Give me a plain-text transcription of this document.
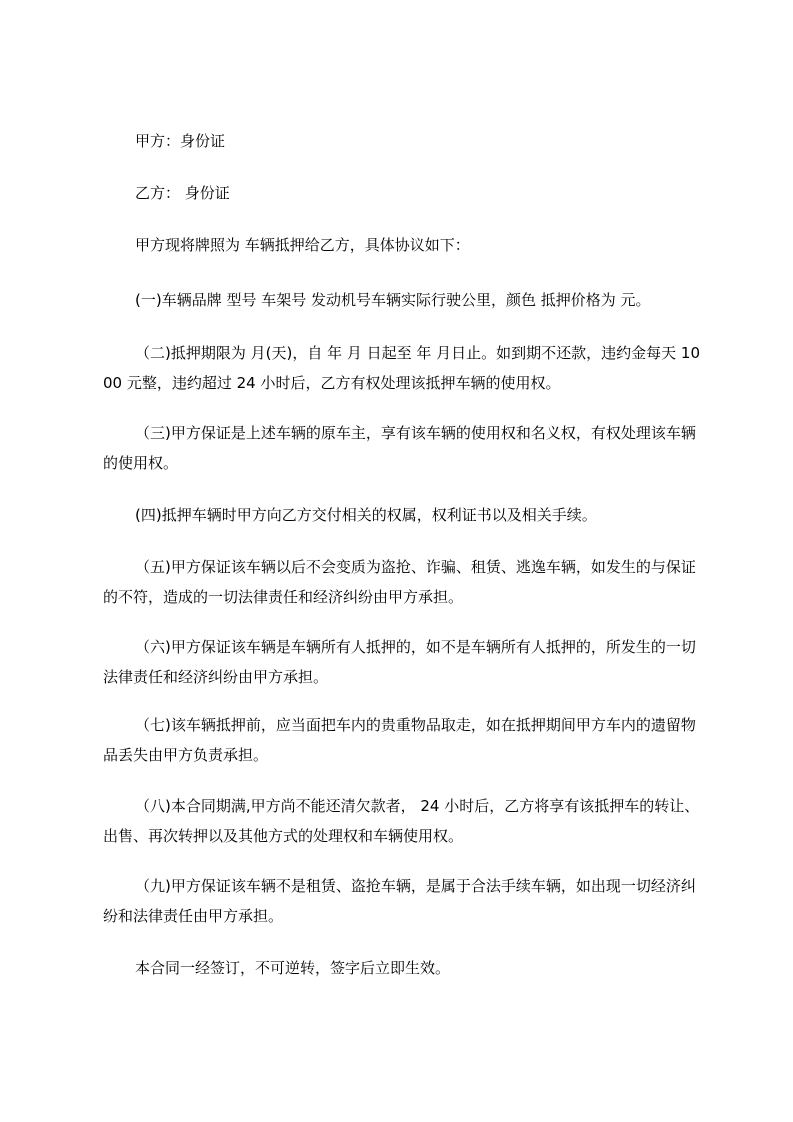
甲方：身份证
乙方： 身份证
甲方现将牌照为 车辆抵押给乙方，具体协议如下：
(一)车辆品牌 型号 车架号 发动机号车辆实际行驶公里，颜色 抵押价格为 元。
（二)抵押期限为 月(天)，自 年 月 日起至 年 月日止。如到期不还款，违约金每天 1000 元整，违约超过 24 小时后，乙方有权处理该抵押车辆的使用权。
（三)甲方保证是上述车辆的原车主，享有该车辆的使用权和名义权，有权处理该车辆的使用权。
(四)抵押车辆时甲方向乙方交付相关的权属，权利证书以及相关手续。
（五)甲方保证该车辆以后不会变质为盗抢、诈骗、租赁、逃逸车辆，如发生的与保证的不符，造成的一切法律责任和经济纠纷由甲方承担。
（六)甲方保证该车辆是车辆所有人抵押的，如不是车辆所有人抵押的，所发生的一切法律责任和经济纠纷由甲方承担。
（七)该车辆抵押前，应当面把车内的贵重物品取走，如在抵押期间甲方车内的遗留物品丢失由甲方负责承担。
（八)本合同期满,甲方尚不能还清欠款者， 24 小时后，乙方将享有该抵押车的转让、出售、再次转押以及其他方式的处理权和车辆使用权。
（九)甲方保证该车辆不是租赁、盗抢车辆，是属于合法手续车辆，如出现一切经济纠纷和法律责任由甲方承担。
本合同一经签订，不可逆转，签字后立即生效。
